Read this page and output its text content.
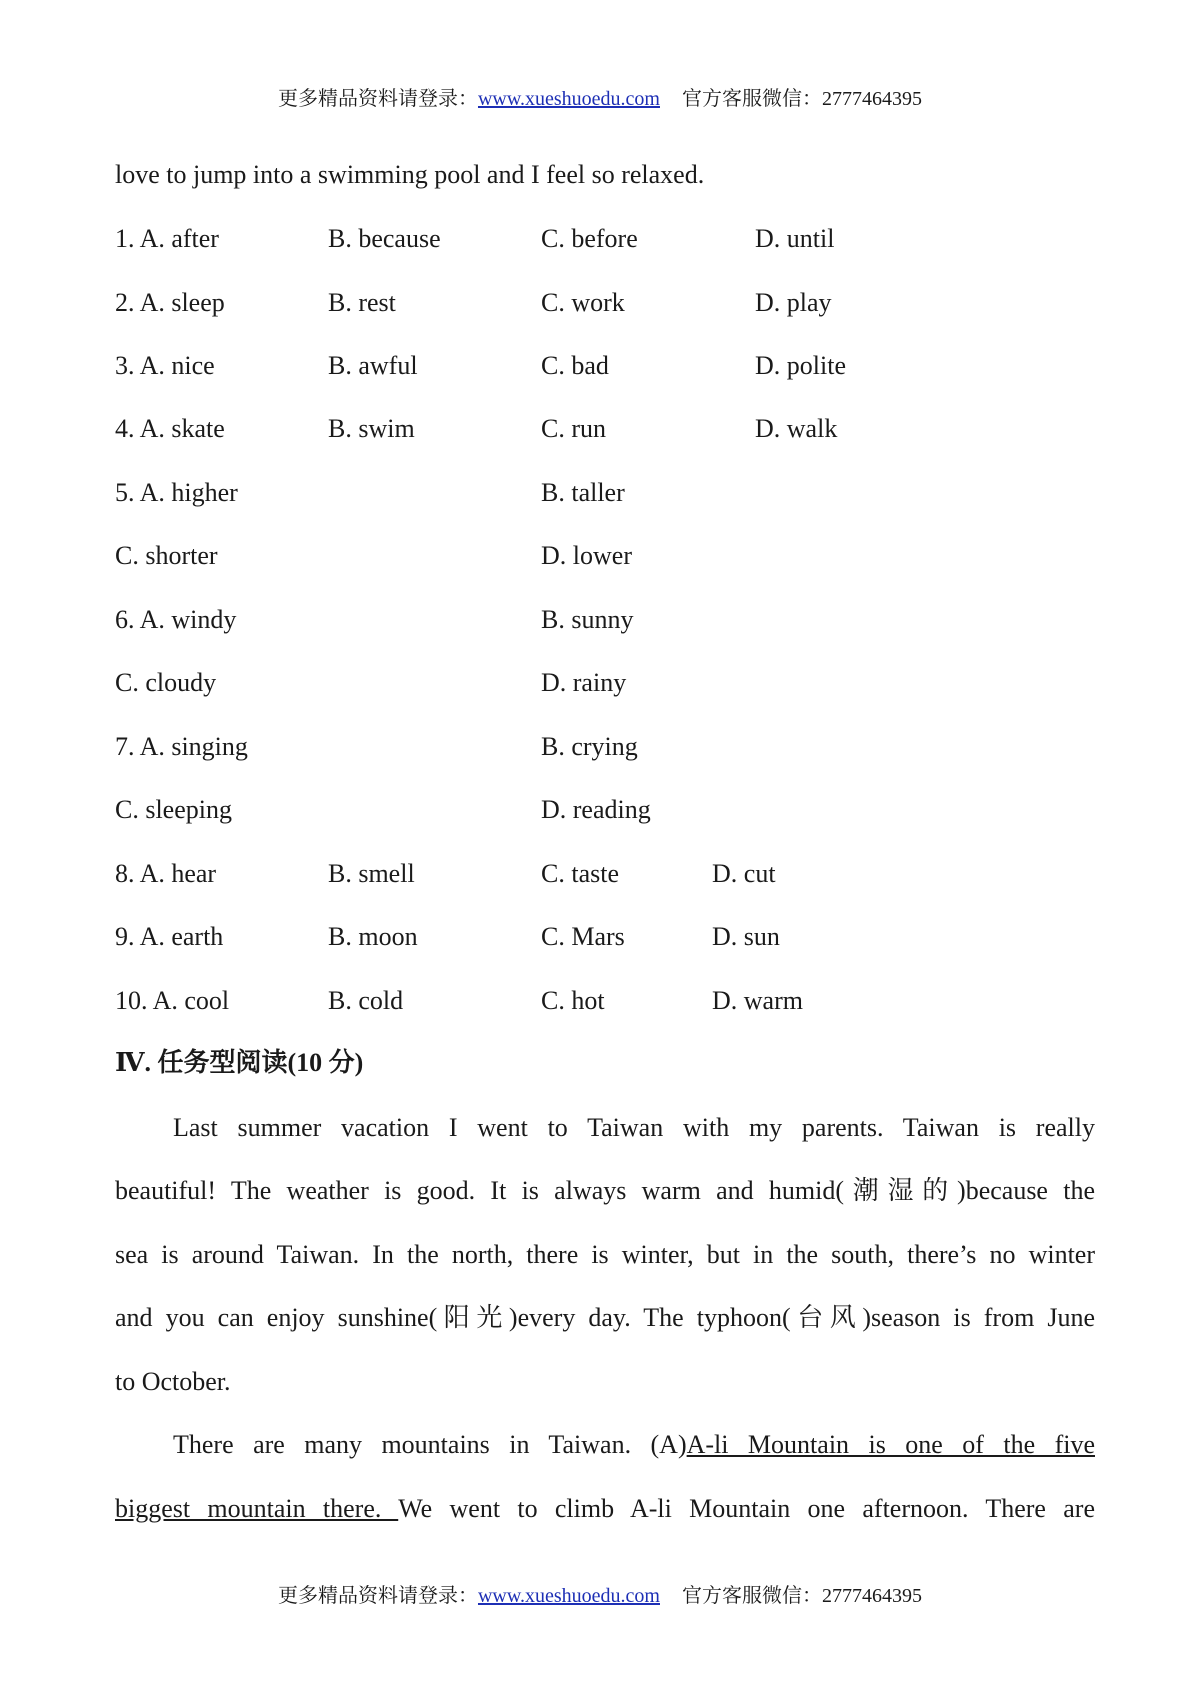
更多精品资料请登录：www.xueshuoedu.com 官方客服微信：2777464395
love to jump into a swimming pool and I feel so relaxed.
1. A. after	B. because	C. before	D. until
2. A. sleep	B. rest	C. work	D. play
3. A. nice	B. awful	C. bad	D. polite
4. A. skate	B. swim	C. run	D. walk
5. A. higher	B. taller
C. shorter	D. lower
6. A. windy	B. sunny
C. cloudy	D. rainy
7. A. singing	B. crying
C. sleeping	D. reading
8. A. hear	B. smell	C. taste	D. cut
9. A. earth	B. moon	C. Mars	D. sun
10. A. cool	B. cold	C. hot	D. warm
Ⅳ. 任务型阅读(10 分)
Last summer vacation I went to Taiwan with my parents. Taiwan is really
beautiful! The weather is good. It is always warm and humid(潮湿的)because the
sea is around Taiwan. In the north, there is winter, but in the south, there’s no winter
and you can enjoy sunshine(阳光)every day. The typhoon(台风)season is from June
to October.
There are many mountains in Taiwan. (A)A-li Mountain is one of the five
biggest mountain there. We went to climb A-li Mountain one afternoon. There are
更多精品资料请登录：www.xueshuoedu.com 官方客服微信：2777464395
